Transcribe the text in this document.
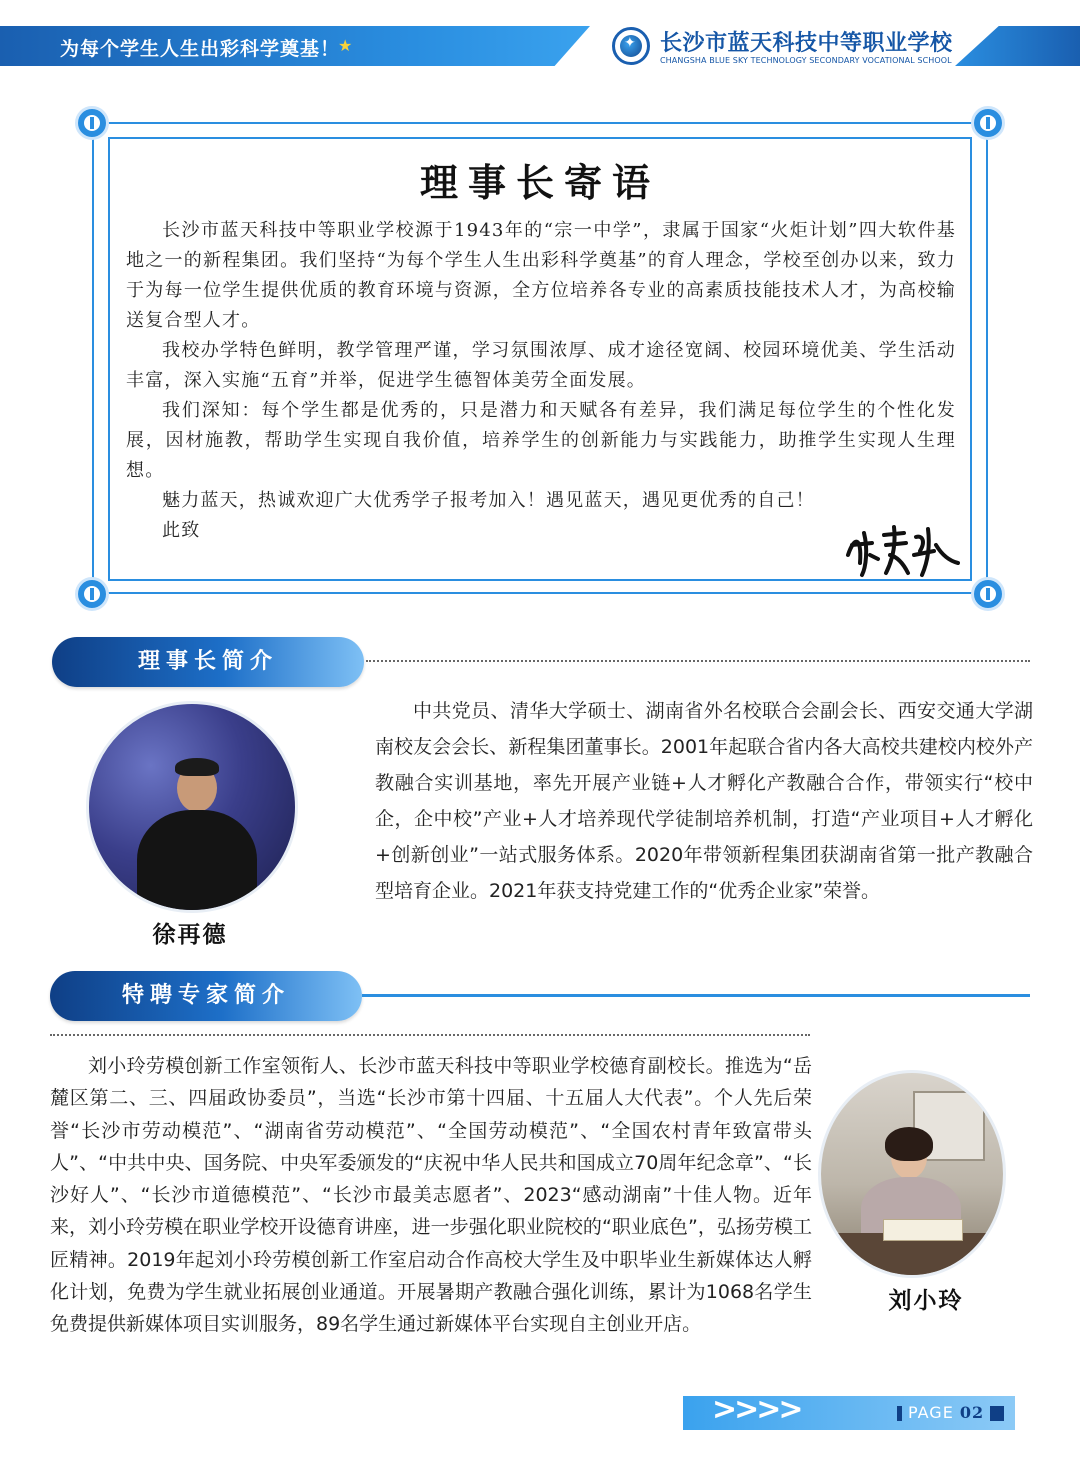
为每个学生人生出彩科学奠基！
★
✦	长沙市蓝天科技中等职业学校
CHANGSHA BLUE SKY TECHNOLOGY SECONDARY VOCATIONAL SCHOOL
理事长寄语

长沙市蓝天科技中等职业学校源于1943年的“宗一中学”，隶属于国家“火炬计划”四大软件基地之一的新程集团。我们坚持“为每个学生人生出彩科学奠基”的育人理念，学校至创办以来，致力于为每一位学生提供优质的教育环境与资源，全方位培养各专业的高素质技能技术人才，为高校输送复合型人才。

我校办学特色鲜明，教学管理严谨，学习氛围浓厚、成才途径宽阔、校园环境优美、学生活动丰富，深入实施“五育”并举，促进学生德智体美劳全面发展。

我们深知：每个学生都是优秀的，只是潜力和天赋各有差异，我们满足每位学生的个性化发展，因材施教，帮助学生实现自我价值，培养学生的创新能力与实践能力，助推学生实现人生理想。

魅力蓝天，热诚欢迎广大优秀学子报考加入！遇见蓝天，遇见更优秀的自己！

此致

理事长简介
徐再德

中共党员、清华大学硕士、湖南省外名校联合会副会长、西安交通大学湖南校友会会长、新程集团董事长。2001年起联合省内各大高校共建校内校外产教融合实训基地，率先开展产业链+人才孵化产教融合合作，带领实行“校中企，企中校”产业+人才培养现代学徒制培养机制，打造“产业项目+人才孵化+创新创业”一站式服务体系。2020年带领新程集团获湖南省第一批产教融合型培育企业。2021年获支持党建工作的“优秀企业家”荣誉。

特聘专家简介

刘小玲劳模创新工作室领衔人、长沙市蓝天科技中等职业学校德育副校长。推选为“岳麓区第二、三、四届政协委员”，当选“长沙市第十四届、十五届人大代表”。个人先后荣誉“长沙市劳动模范”、“湖南省劳动模范”、“全国劳动模范”、“全国农村青年致富带头人”、“中共中央、国务院、中央军委颁发的“庆祝中华人民共和国成立70周年纪念章”、“长沙好人”、“长沙市道德模范”、“长沙市最美志愿者”、2023“感动湖南”十佳人物。近年来，刘小玲劳模在职业学校开设德育讲座，进一步强化职业院校的“职业底色”，弘扬劳模工匠精神。2019年起刘小玲劳模创新工作室启动合作高校大学生及中职毕业生新媒体达人孵化计划，免费为学生就业拓展创业通道。开展暑期产教融合强化训练，累计为1068名学生免费提供新媒体项目实训服务，89名学生通过新媒体平台实现自主创业开店。

刘小玲
>>>>	PAGE 02
